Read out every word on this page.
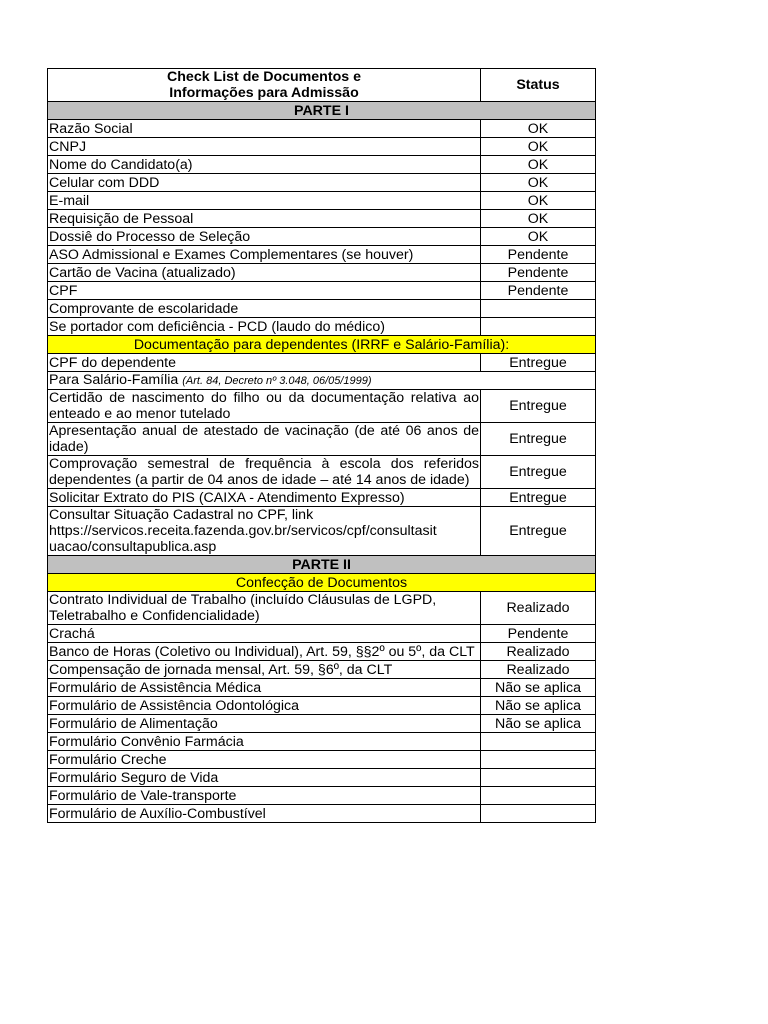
Check List de Documentos e
Informações para Admissão	Status
PARTE I	
Razão Social	OK
CNPJ	OK
Nome do Candidato(a)	OK
Celular com DDD	OK
E-mail	OK
Requisição de Pessoal	OK
Dossiê do Processo de Seleção	OK
ASO Admissional e Exames Complementares (se houver)	Pendente
Cartão de Vacina (atualizado)	Pendente
CPF	Pendente
Comprovante de escolaridade	
Se portador com deficiência - PCD (laudo do médico)	
Documentação para dependentes (IRRF e Salário-Família):	
CPF do dependente	Entregue
Para Salário-Família (Art. 84, Decreto nº 3.048, 06/05/1999)	
Certidão de nascimento do filho ou da documentação relativa ao enteado e ao menor tutelado	Entregue
Apresentação anual de atestado de vacinação (de até 06 anos de idade)	Entregue
Comprovação semestral de frequência à escola dos referidos dependentes (a partir de 04 anos de idade – até 14 anos de idade)	Entregue
Solicitar Extrato do PIS (CAIXA - Atendimento Expresso)	Entregue

Consultar Situação Cadastral no CPF, link
https://servicos.receita.fazenda.gov.br/servicos/cpf/consultasit
uacao/consultapublica.asp	Entregue
PARTE II	
Confecção de Documentos	
Contrato Individual de Trabalho (incluído Cláusulas de LGPD, Teletrabalho e Confidencialidade)	Realizado
Crachá	Pendente
Banco de Horas (Coletivo ou Individual), Art. 59, §§2º ou 5º, da CLT	Realizado
Compensação de jornada mensal, Art. 59, §6º, da CLT	Realizado
Formulário de Assistência Médica	Não se aplica
Formulário de Assistência Odontológica	Não se aplica
Formulário de Alimentação	Não se aplica
Formulário Convênio Farmácia	
Formulário Creche	
Formulário Seguro de Vida	
Formulário de Vale-transporte	
Formulário de Auxílio-Combustível	
